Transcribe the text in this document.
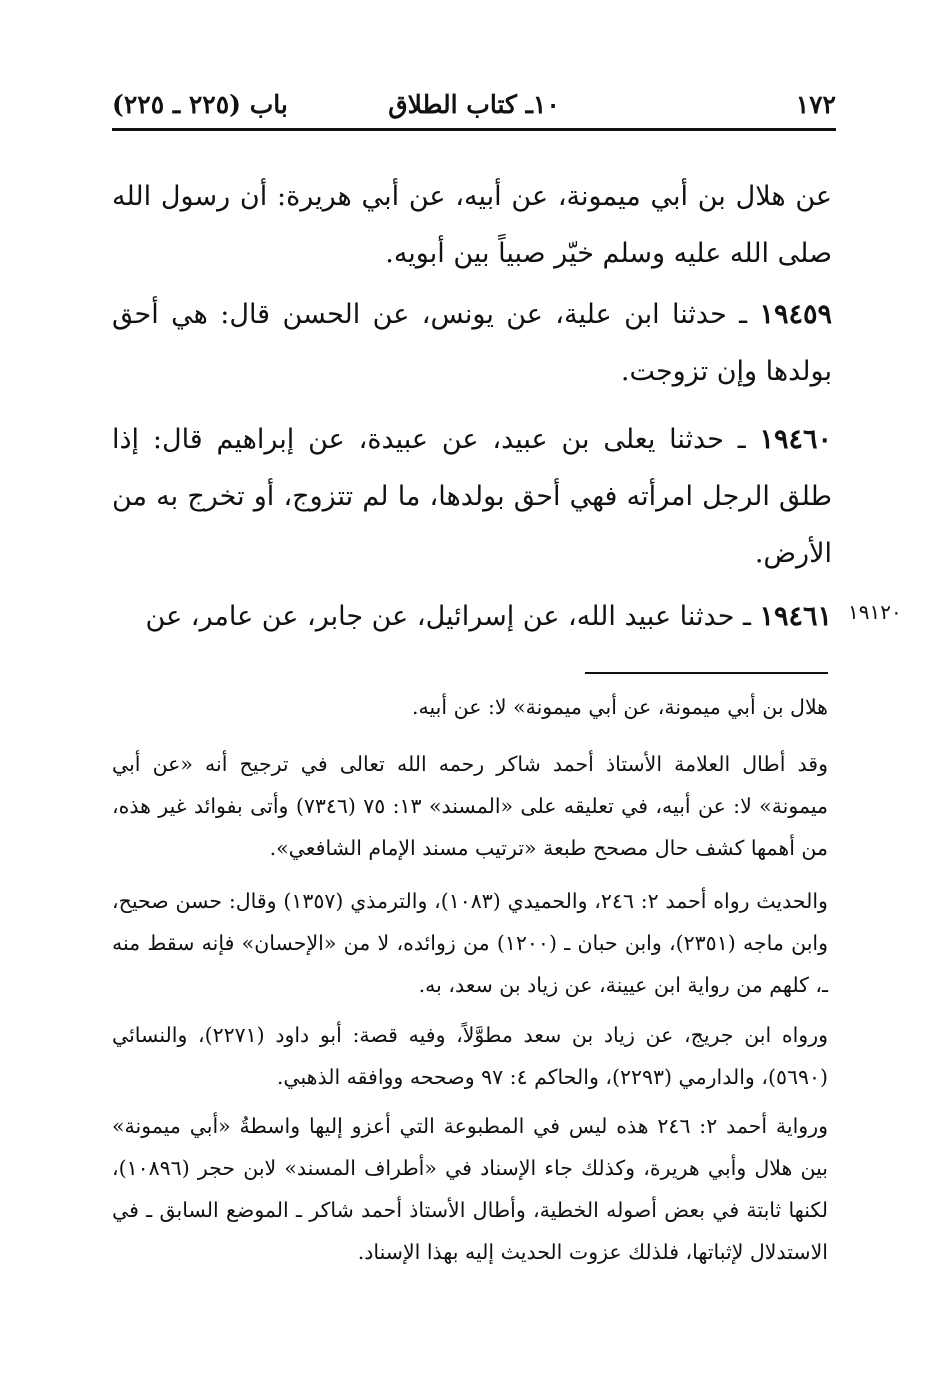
١٧٢
١٠ـ كتاب الطلاق
باب (٢٢٥ ـ ٢٢٥)

عن هلال بن أبي ميمونة، عن أبيه، عن أبي هريرة: أن رسول الله صلى الله عليه وسلم خيّر صبياً بين أبويه.

١٩٤٥٩ ـ حدثنا ابن علية، عن يونس، عن الحسن قال: هي أحق بولدها وإن تزوجت.

١٩٤٦٠ ـ حدثنا يعلى بن عبيد، عن عبيدة، عن إبراهيم قال: إذا طلق الرجل امرأته فهي أحق بولدها، ما لم تتزوج، أو تخرج به من الأرض.

١٩٤٦١ ـ حدثنا عبيد الله، عن إسرائيل، عن جابر، عن عامر، عن	١٩١٢٠

هلال بن أبي ميمونة، عن أبي ميمونة» لا: عن أبيه.

وقد أطال العلامة الأستاذ أحمد شاكر رحمه الله تعالى في ترجيح أنه «عن أبي ميمونة» لا: عن أبيه، في تعليقه على «المسند» ١٣: ٧٥ (٧٣٤٦) وأتى بفوائد غير هذه، من أهمها كشف حال مصحح طبعة «ترتيب مسند الإمام الشافعي».

والحديث رواه أحمد ٢: ٢٤٦، والحميدي (١٠٨٣)، والترمذي (١٣٥٧) وقال: حسن صحيح، وابن ماجه (٢٣٥١)، وابن حبان ـ (١٢٠٠) من زوائده، لا من «الإحسان» فإنه سقط منه ـ، كلهم من رواية ابن عيينة، عن زياد بن سعد، به.

ورواه ابن جريج، عن زياد بن سعد مطوَّلاً، وفيه قصة: أبو داود (٢٢٧١)، والنسائي (٥٦٩٠)، والدارمي (٢٢٩٣)، والحاكم ٤: ٩٧ وصححه ووافقه الذهبي.

ورواية أحمد ٢: ٢٤٦ هذه ليس في المطبوعة التي أعزو إليها واسطةُ «أبي ميمونة» بين هلال وأبي هريرة، وكذلك جاء الإسناد في «أطراف المسند» لابن حجر (١٠٨٩٦)، لكنها ثابتة في بعض أصوله الخطية، وأطال الأستاذ أحمد شاكر ـ الموضع السابق ـ في الاستدلال لإثباتها، فلذلك عزوت الحديث إليه بهذا الإسناد.
